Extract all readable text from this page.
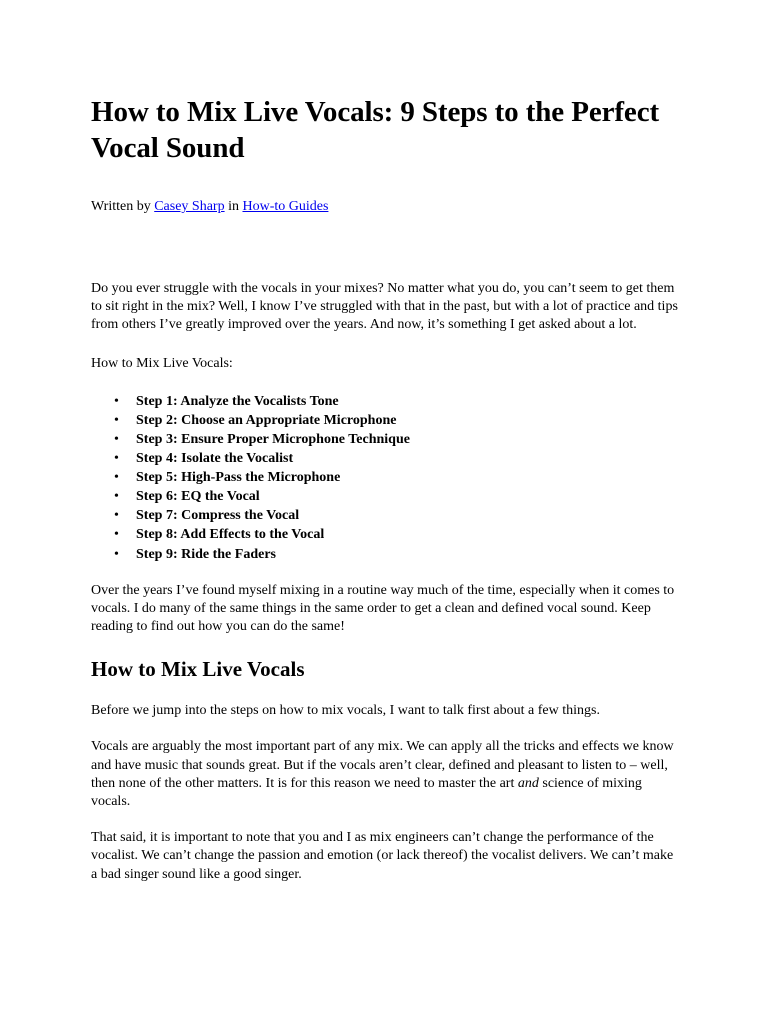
How to Mix Live Vocals: 9 Steps to the Perfect Vocal Sound
Written by Casey Sharp in How-to Guides

Do you ever struggle with the vocals in your mixes? No matter what you do, you can’t seem to get them to sit right in the mix? Well, I know I’ve struggled with that in the past, but with a lot of practice and tips from others I’ve greatly improved over the years. And now, it’s something I get asked about a lot.

How to Mix Live Vocals:

• Step 1: Analyze the Vocalists Tone
• Step 2: Choose an Appropriate Microphone
• Step 3: Ensure Proper Microphone Technique
• Step 4: Isolate the Vocalist
• Step 5: High-Pass the Microphone
• Step 6: EQ the Vocal
• Step 7: Compress the Vocal
• Step 8: Add Effects to the Vocal
• Step 9: Ride the Faders

Over the years I’ve found myself mixing in a routine way much of the time, especially when it comes to vocals. I do many of the same things in the same order to get a clean and defined vocal sound. Keep reading to find out how you can do the same!

How to Mix Live Vocals

Before we jump into the steps on how to mix vocals, I want to talk first about a few things.

Vocals are arguably the most important part of any mix. We can apply all the tricks and effects we know and have music that sounds great. But if the vocals aren’t clear, defined and pleasant to listen to – well, then none of the other matters. It is for this reason we need to master the art and science of mixing vocals.

That said, it is important to note that you and I as mix engineers can’t change the performance of the vocalist. We can’t change the passion and emotion (or lack thereof) the vocalist delivers. We can’t make a bad singer sound like a good singer.
